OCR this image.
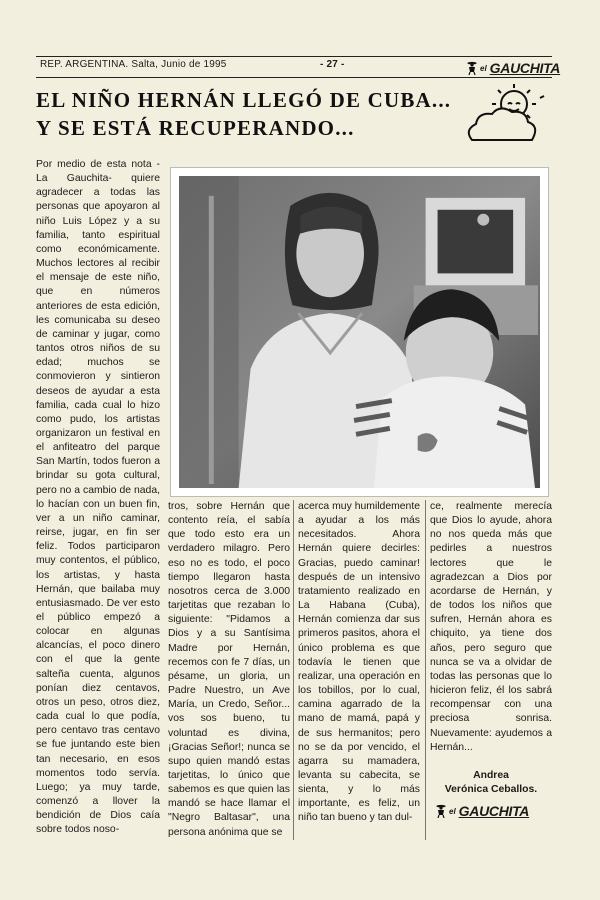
REP. ARGENTINA. Salta, Junio de 1995	- 27 -	el GAUCHITA
EL NIÑO HERNÁN LLEGÓ DE CUBA...
Y SE ESTÁ RECUPERANDO...
Por medio de esta nota -La Gauchita- quiere agradecer a todas las personas que apoyaron al niño Luis López y a su familia, tanto espiritual como económicamente. Muchos lectores al recibir el mensaje de este niño, que en números anteriores de esta edición, les comunicaba su deseo de caminar y jugar, como tantos otros niños de su edad; muchos se conmovieron y sintieron deseos de ayudar a esta familia, cada cual lo hizo como pudo, los artistas organizaron un festival en el anfiteatro del parque San Martín, todos fueron a brindar su gota cultural, pero no a cambio de nada, lo hacían con un buen fin, ver a un niño caminar, reirse, jugar, en fin ser feliz. Todos participaron muy contentos, el público, los artistas, y hasta Hernán, que bailaba muy entusiasmado. De ver esto el público empezó a colocar en algunas alcancías, el poco dinero con el que la gente salteña cuenta, algunos ponían diez centavos, otros un peso, otros diez, cada cual lo que podía, pero centavo tras centavo se fue juntando este bien tan necesario, en esos momentos todo servía. Luego; ya muy tarde, comenzó a llover la bendición de Dios caía sobre todos noso-
tros, sobre Hernán que contento reía, el sabía que todo esto era un verdadero milagro. Pero eso no es todo, el poco tiempo llegaron hasta nosotros cerca de 3.000 tarjetitas que rezaban lo siguiente: "Pidamos a Dios y a su Santísima Madre por Hernán, recemos con fe 7 días, un pésame, un gloria, un Padre Nuestro, un Ave María, un Credo, Señor... vos sos bueno, tu voluntad es divina, ¡Gracias Señor!; nunca se supo quien mandó estas tarjetitas, lo único que sabemos es que quien las mandó se hace llamar el "Negro Baltasar", una persona anónima que se
acerca muy humildemente a ayudar a los más necesitados. Ahora Hernán quiere decirles: Gracias, puedo caminar! después de un intensivo tratamiento realizado en La Habana (Cuba), Hernán comienza dar sus primeros pasitos, ahora el único problema es que todavía le tienen que realizar, una operación en los tobillos, por lo cual, camina agarrado de la mano de mamá, papá y de sus hermanitos; pero no se da por vencido, el agarra su mamadera, levanta su cabecita, se sienta, y lo más importante, es feliz, un niño tan bueno y tan dul-
ce, realmente merecía que Dios lo ayude, ahora no nos queda más que pedirles a nuestros lectores que le agradezcan a Dios por acordarse de Hernán, y de todos los niños que sufren, Hernán ahora es chiquito, ya tiene dos años, pero seguro que nunca se va a olvidar de todas las personas que lo hicieron feliz, él los sabrá recompensar con una preciosa sonrisa. Nuevamente: ayudemos a Hernán...
Andrea
Verónica Ceballos.
el GAUCHITA
